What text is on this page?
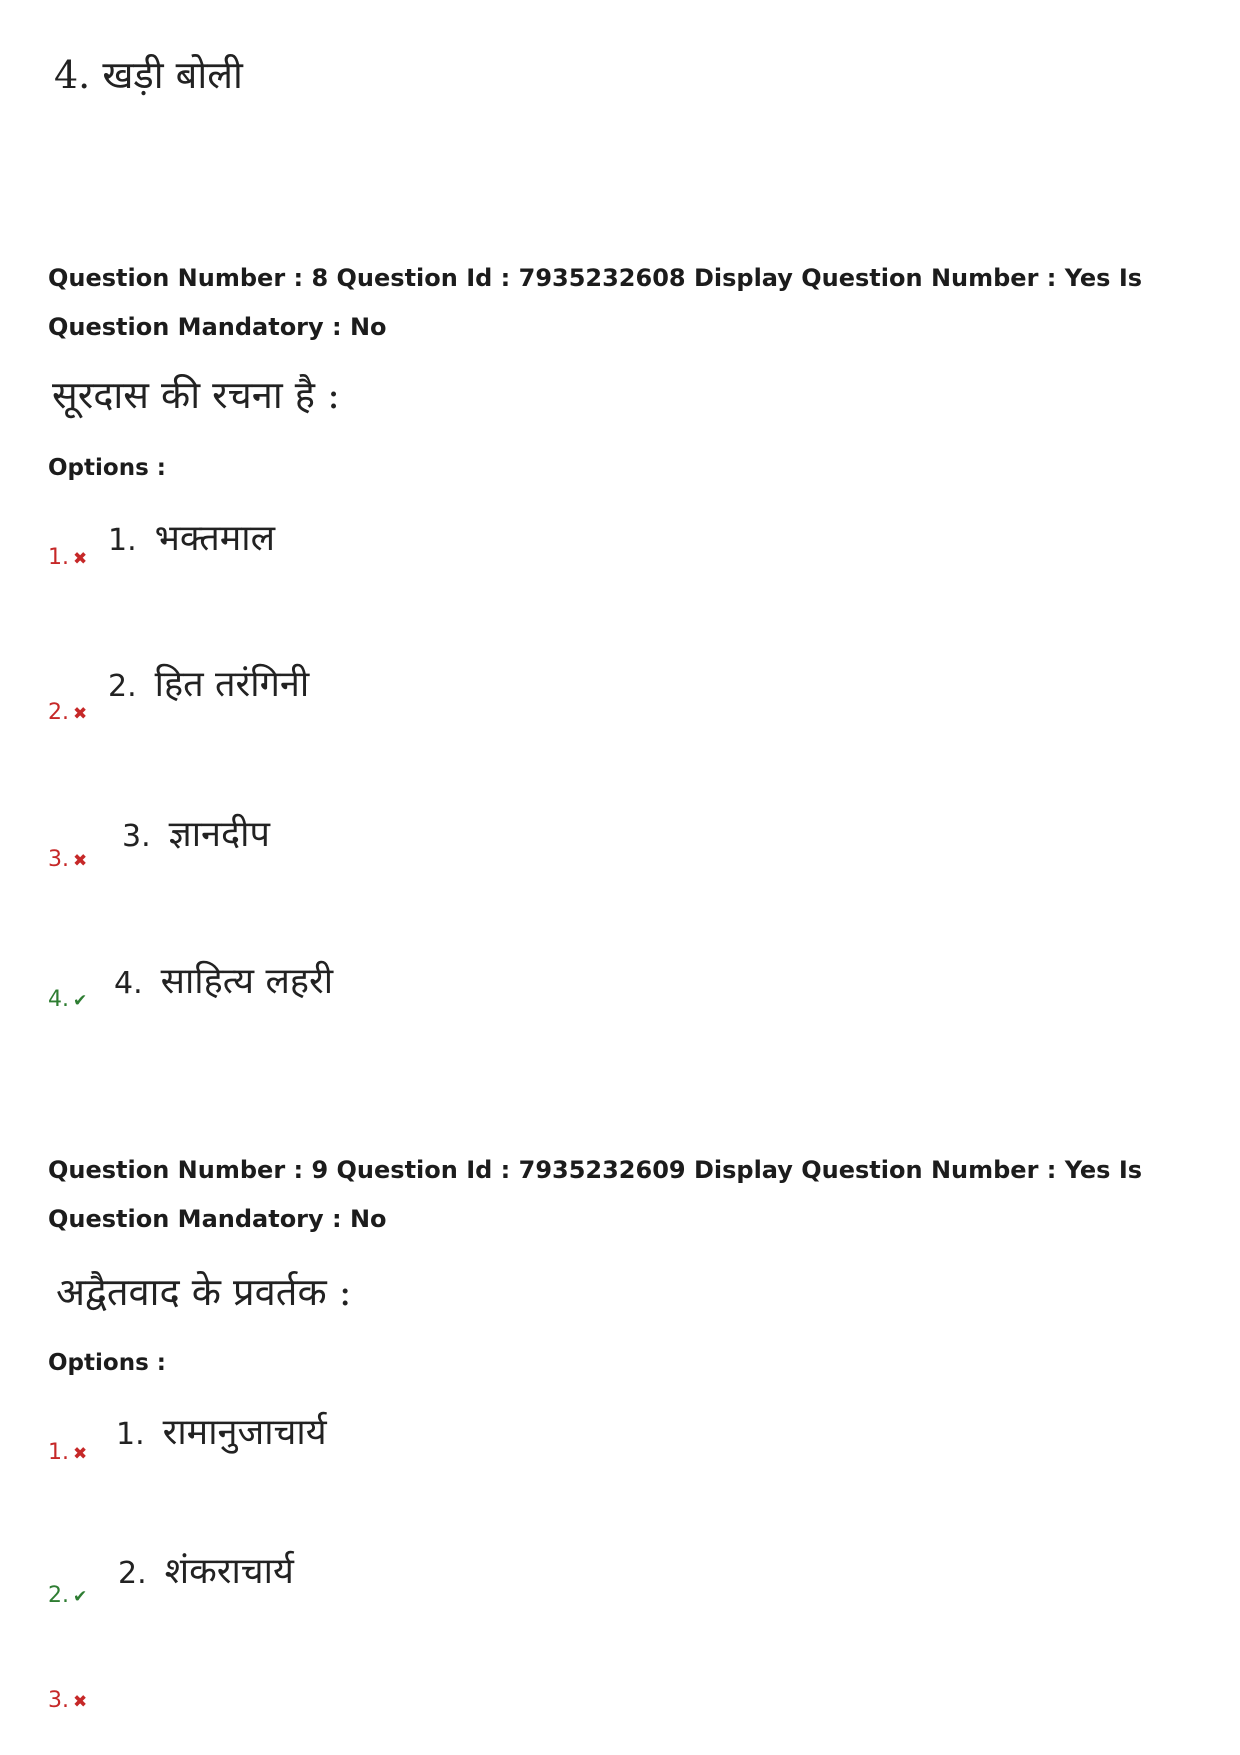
4. खड़ी बोली
Question Number : 8 Question Id : 7935232608 Display Question Number : Yes Is Question Mandatory : No
सूरदास की रचना है :
Options :
1. ✖
1. भक्तमाल
2. ✖
2. हित तरंगिनी
3. ✖
3. ज्ञानदीप
4. ✔ 4. साहित्य लहरी
Question Number : 9 Question Id : 7935232609 Display Question Number : Yes Is Question Mandatory : No
अद्वैतवाद के प्रवर्तक :
Options :
1. ✖
1. रामानुजाचार्य
2. ✔
2. शंकराचार्य
3. ✖
